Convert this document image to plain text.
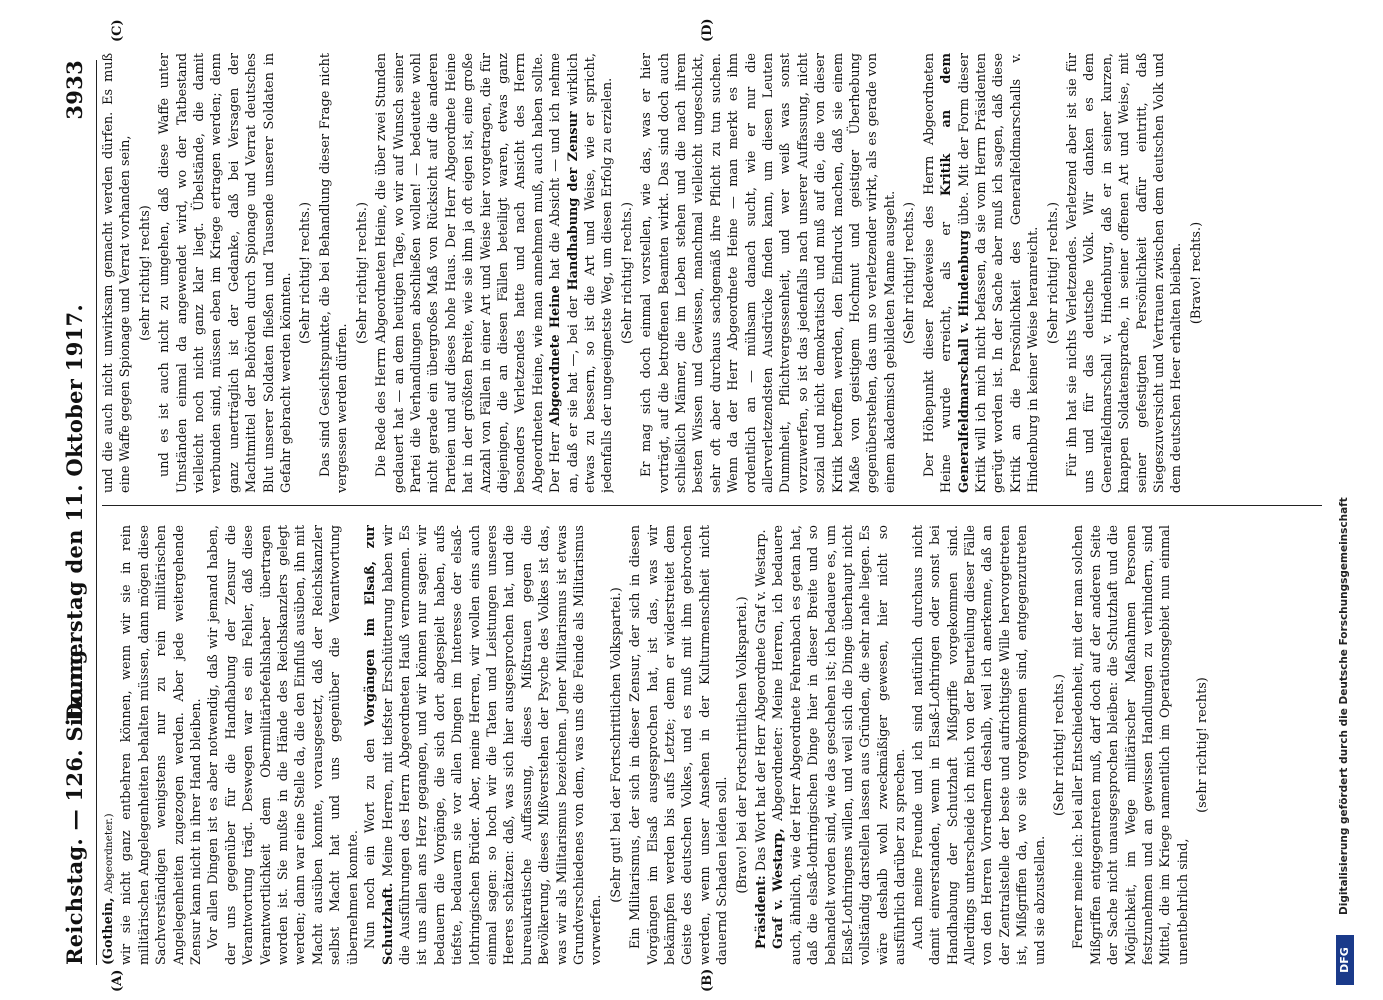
Reichstag. — 126. Sitzung.
Donnerstag den 11. Oktober 1917.
3933
(A)	(B)
(C)	(D)

(Gothein, Abgeordneter.) wir sie nicht ganz entbehren können, wenn wir sie in rein militärischen Angelegenheiten behalten müssen, dann mögen diese Sachverständigen wenigstens nur zu rein militärischen Angelegenheiten zugezogen werden. Aber jede weitergehende Zensur kann nicht in ihrer Hand bleiben. Vor allen Dingen ist es aber notwendig, daß wir jemand haben, der uns gegenüber für die Handhabung der Zensur die Verantwortung trägt. Deswegen war es ein Fehler, daß diese Verantwortlichkeit dem Obermilitärbefehlshaber übertragen worden ist. Sie mußte in die Hände des Reichskanzlers gelegt werden; dann war eine Stelle da, die den Einfluß ausüben, ihn mit Macht ausüben konnte, vorausgesetzt, daß der Reichskanzler selbst Macht hat und uns gegenüber die Verantwortung übernehmen konnte. Nun noch ein Wort zu den Vorgängen im Elsaß, zur Schutzhaft. Meine Herren, mit tiefster Erschütterung haben wir die Ausführungen des Herrn Abgeordneten Hauß vernommen. Es ist uns allen ans Herz gegangen, und wir können nur sagen: wir bedauern die Vorgänge, die sich dort abgespielt haben, aufs tiefste, bedauern sie vor allen Dingen im Interesse der elsaß-lothringischen Brüder. Aber, meine Herren, wir wollen eins auch einmal sagen: so hoch wir die Taten und Leistungen unseres Heeres schätzen: daß, was sich hier ausgesprochen hat, und die bureaukratische Auffassung, dieses Mißtrauen gegen die Bevölkerung, dieses Mißverstehen der Psyche des Volkes ist das, was wir als Militarismus bezeichnen. Jener Militarismus ist etwas Grundverschiedenes von dem, was uns die Feinde als Militarismus vorwerfen.

(Sehr gut! bei der Fortschrittlichen Volkspartei.) Ein Militarismus, der sich in dieser Zensur, der sich in diesen Vorgängen im Elsaß ausgesprochen hat, ist das, was wir bekämpfen werden bis aufs Letzte; denn er widerstreitet dem Geiste des deutschen Volkes, und es muß mit ihm gebrochen werden, wenn unser Ansehen in der Kulturmenschheit nicht dauernd Schaden leiden soll. (Bravo! bei der Fortschrittlichen Volkspartei.)

Präsident: Das Wort hat der Herr Abgeordnete Graf v. Westarp.

Graf v. Westarp, Abgeordneter: Meine Herren, ich bedauere auch, ähnlich, wie der Herr Abgeordnete Fehrenbach es getan hat, daß die elsaß-lothringischen Dinge hier in dieser Breite und so behandelt worden sind, wie das geschehen ist; ich bedauere es, um Elsaß-Lothringens willen, und weil sich die Dinge überhaupt nicht vollständig darstellen lassen aus Gründen, die sehr nahe liegen. Es wäre deshalb wohl zweckmäßiger gewesen, hier nicht so ausführlich darüber zu sprechen. Auch meine Freunde und ich sind natürlich durchaus nicht damit einverstanden, wenn in Elsaß-Lothringen oder sonst bei Handhabung der Schutzhaft Mißgriffe vorgekommen sind. Allerdings unterscheide ich mich von der Beurteilung dieser Fälle von den Herren Vorrednern deshalb, weil ich anerkenne, daß an der Zentralstelle der beste und aufrichtigste Wille hervorgetreten ist, Mißgriffen da, wo sie vorgekommen sind, entgegenzutreten und sie abzustellen.

(Sehr richtig! rechts.) Ferner meine ich: bei aller Entschiedenheit, mit der man solchen Mißgriffen entgegentreten muß, darf doch auf der anderen Seite der Sache nicht unausgesprochen bleiben: die Schutzhaft und die Möglichkeit, im Wege militärischer Maßnahmen Personen festzunehmen und an gewissen Handlungen zu verhindern, sind Mittel, die im Kriege namentlich im Operationsgebiet nun einmal unentbehrlich sind,

(sehr richtig! rechts)

und die auch nicht unwirksam gemacht werden dürfen. Es muß eine Waffe gegen Spionage und Verrat vorhanden sein, (sehr richtig! rechts) und es ist auch nicht zu umgehen, daß diese Waffe unter Umständen einmal da angewendet wird, wo der Tatbestand vielleicht noch nicht ganz klar liegt. Übelstände, die damit verbunden sind, müssen eben im Kriege ertragen werden; denn ganz unerträglich ist der Gedanke, daß bei Versagen der Machtmittel der Behörden durch Spionage und Verrat deutsches Blut unserer Soldaten fließen und Tausende unserer Soldaten in Gefahr gebracht werden könnten. (Sehr richtig! rechts.) Das sind Gesichtspunkte, die bei Behandlung dieser Frage nicht vergessen werden dürfen.

(Sehr richtig! rechts.) Die Rede des Herrn Abgeordneten Heine, die über zwei Stunden gedauert hat — an dem heutigen Tage, wo wir auf Wunsch seiner Partei die Verhandlungen abschließen wollen! — bedeutete wohl nicht gerade ein übergroßes Maß von Rücksicht auf die anderen Parteien und auf dieses hohe Haus. Der Herr Abgeordnete Heine hat in der größten Breite, wie sie ihm ja oft eigen ist, eine große Anzahl von Fällen in einer Art und Weise hier vorgetragen, die für diejenigen, die an diesen Fällen beteiligt waren, etwas ganz besonders Verletzendes hatte und nach Ansicht des Herrn Abgeordneten Heine, wie man annehmen muß, auch haben sollte. Der Herr Abgeordnete Heine hat die Absicht — und ich nehme an, daß er sie hat —, bei der Handhabung der Zensur wirklich etwas zu bessern, so ist die Art und Weise, wie er spricht, jedenfalls der ungeeignetste Weg, um diesen Erfolg zu erzielen. (Sehr richtig! rechts.) Er mag sich doch einmal vorstellen, wie das, was er hier vorträgt, auf die betroffenen Beamten wirkt. Das sind doch auch schließlich Männer, die im Leben stehen und die nach ihrem besten Wissen und Gewissen, manchmal vielleicht ungeschickt, sehr oft aber durchaus sachgemäß ihre Pflicht zu tun suchen. Wenn da der Herr Abgeordnete Heine — man merkt es ihm ordentlich an — mühsam danach sucht, wie er nur die allerverletzendsten Ausdrücke finden kann, um diesen Leuten Dummheit, Pflichtvergessenheit, und wer weiß was sonst vorzuwerfen, so ist das jedenfalls nach unserer Auffassung, nicht sozial und nicht demokratisch und muß auf die, die von dieser Kritik betroffen werden, den Eindruck machen, daß sie einem Maße von geistigem Hochmut und geistiger Überhebung gegenüberstehen, das um so verletzender wirkt, als es gerade von einem akademisch gebildeten Manne ausgeht. (Sehr richtig! rechts.) Der Höhepunkt dieser Redeweise des Herrn Abgeordneten Heine wurde erreicht, als er Kritik an dem Generalfeldmarschall v. Hindenburg übte. Mit der Form dieser Kritik will ich mich nicht befassen, da sie vom Herrn Präsidenten gerügt worden ist. In der Sache aber muß ich sagen, daß diese Kritik an die Persönlichkeit des Generalfeldmarschalls v. Hindenburg in keiner Weise heranreicht. (Sehr richtig! rechts.) Für ihn hat sie nichts Verletzendes. Verletzend aber ist sie für uns und für das deutsche Volk. Wir danken es dem Generalfeldmarschall v. Hindenburg, daß er in seiner kurzen, knappen Soldatensprache, in seiner offenen Art und Weise, mit seiner gefestigten Persönlichkeit dafür eintritt, daß Siegeszuversicht und Vertrauen zwischen dem deutschen Volk und dem deutschen Heer erhalten bleiben. (Bravo! rechts.)

DFG
Digitalisierung gefördert durch die Deutsche Forschungsgemeinschaft
